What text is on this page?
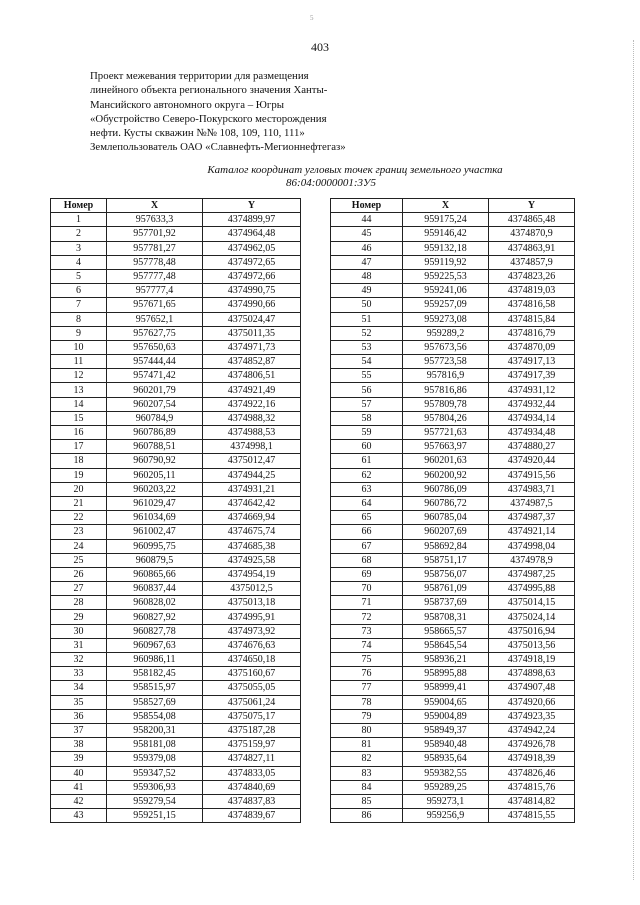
5
403
Проект межевания территории для размещения
линейного объекта регионального значения Ханты-
Мансийского автономного округа – Югры
«Обустройство Северо-Покурского месторождения
нефти. Кусты скважин №№ 108, 109, 110, 111»
Землепользователь ОАО «Славнефть-Мегионнефтегаз»
Каталог координат угловых точек границ земельного участка
86:04:0000001:3У5
Номер	X	Y
1	957633,3	4374899,97
2	957701,92	4374964,48
3	957781,27	4374962,05
4	957778,48	4374972,65
5	957777,48	4374972,66
6	957777,4	4374990,75
7	957671,65	4374990,66
8	957652,1	4375024,47
9	957627,75	4375011,35
10	957650,63	4374971,73
11	957444,44	4374852,87
12	957471,42	4374806,51
13	960201,79	4374921,49
14	960207,54	4374922,16
15	960784,9	4374988,32
16	960786,89	4374988,53
17	960788,51	4374998,1
18	960790,92	4375012,47
19	960205,11	4374944,25
20	960203,22	4374931,21
21	961029,47	4374642,42
22	961034,69	4374669,94
23	961002,47	4374675,74
24	960995,75	4374685,38
25	960879,5	4374925,58
26	960865,66	4374954,19
27	960837,44	4375012,5
28	960828,02	4375013,18
29	960827,92	4374995,91
30	960827,78	4374973,92
31	960967,63	4374676,63
32	960986,11	4374650,18
33	958182,45	4375160,67
34	958515,97	4375055,05
35	958527,69	4375061,24
36	958554,08	4375075,17
37	958200,31	4375187,28
38	958181,08	4375159,97
39	959379,08	4374827,11
40	959347,52	4374833,05
41	959306,93	4374840,69
42	959279,54	4374837,83
43	959251,15	4374839,67
Номер	X	Y
44	959175,24	4374865,48
45	959146,42	4374870,9
46	959132,18	4374863,91
47	959119,92	4374857,9
48	959225,53	4374823,26
49	959241,06	4374819,03
50	959257,09	4374816,58
51	959273,08	4374815,84
52	959289,2	4374816,79
53	957673,56	4374870,09
54	957723,58	4374917,13
55	957816,9	4374917,39
56	957816,86	4374931,12
57	957809,78	4374932,44
58	957804,26	4374934,14
59	957721,63	4374934,48
60	957663,97	4374880,27
61	960201,63	4374920,44
62	960200,92	4374915,56
63	960786,09	4374983,71
64	960786,72	4374987,5
65	960785,04	4374987,37
66	960207,69	4374921,14
67	958692,84	4374998,04
68	958751,17	4374978,9
69	958756,07	4374987,25
70	958761,09	4374995,88
71	958737,69	4375014,15
72	958708,31	4375024,14
73	958665,57	4375016,94
74	958645,54	4375013,56
75	958936,21	4374918,19
76	958995,88	4374898,63
77	958999,41	4374907,48
78	959004,65	4374920,66
79	959004,89	4374923,35
80	958949,37	4374942,24
81	958940,48	4374926,78
82	958935,64	4374918,39
83	959382,55	4374826,46
84	959289,25	4374815,76
85	959273,1	4374814,82
86	959256,9	4374815,55
